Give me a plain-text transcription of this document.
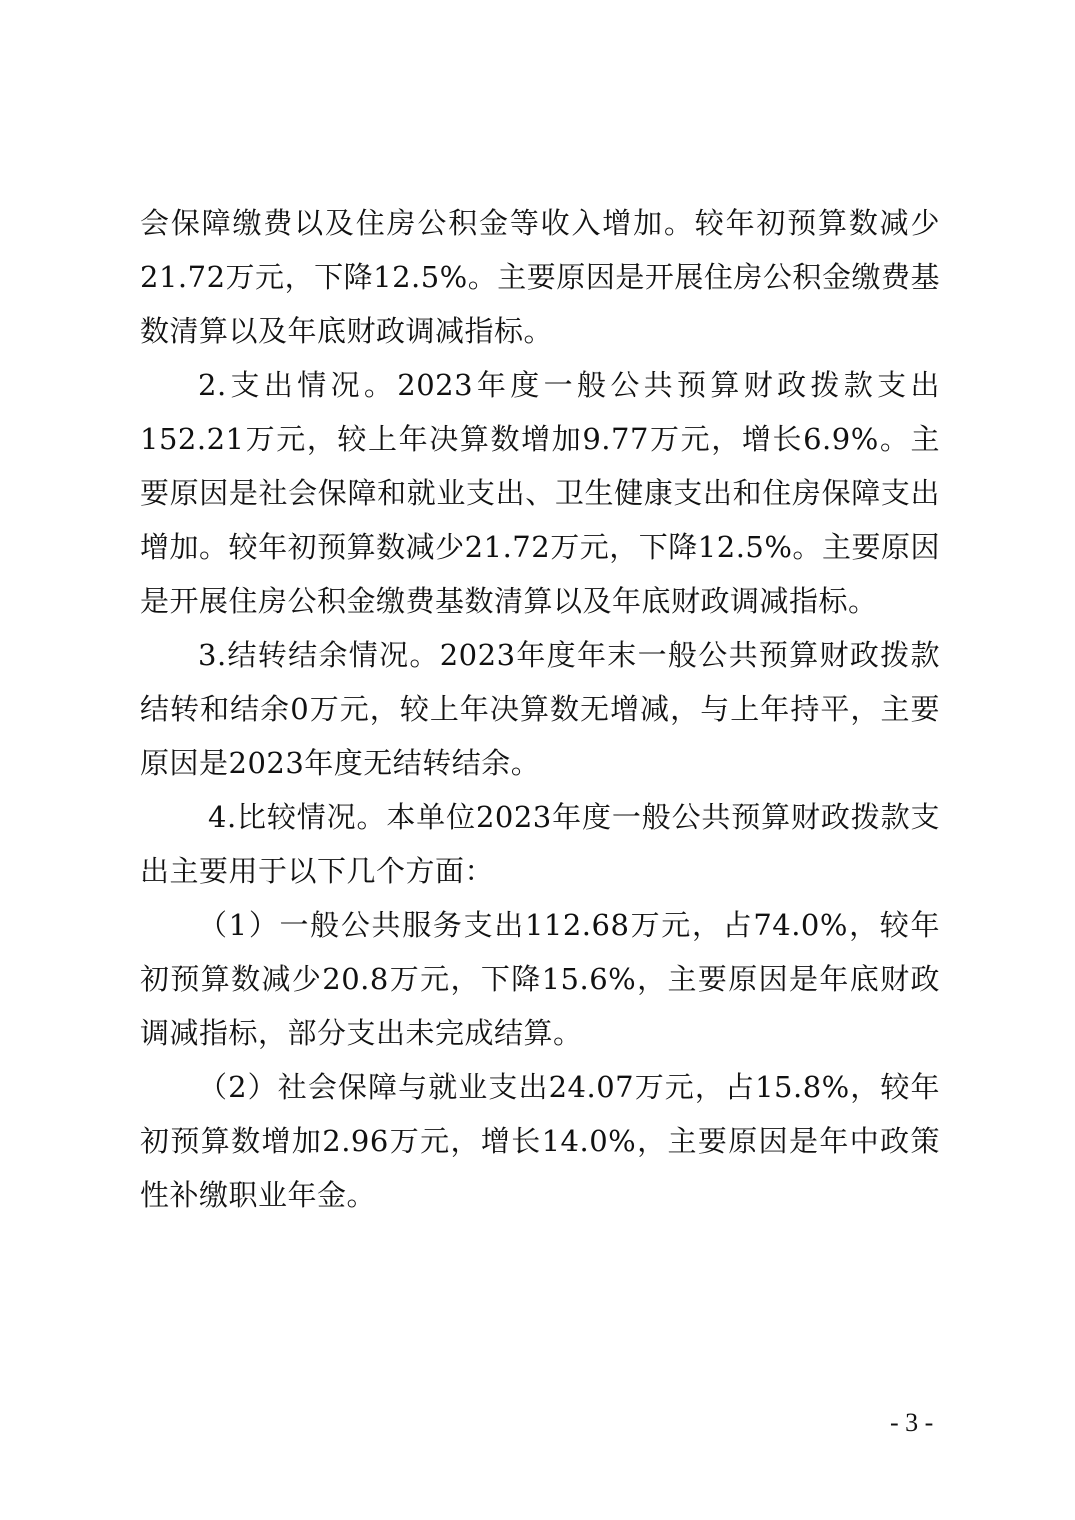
会保障缴费以及住房公积金等收入增加。较年初预算数减少21.72万元，下降12.5%。主要原因是开展住房公积金缴费基数清算以及年底财政调减指标。

2.支出情况。2023年度一般公共预算财政拨款支出152.21万元，较上年决算数增加9.77万元，增长6.9%。主要原因是社会保障和就业支出、卫生健康支出和住房保障支出增加。较年初预算数减少21.72万元，下降12.5%。主要原因是开展住房公积金缴费基数清算以及年底财政调减指标。

3.结转结余情况。2023年度年末一般公共预算财政拨款结转和结余0万元，较上年决算数无增减，与上年持平，主要原因是2023年度无结转结余。

4.比较情况。本单位2023年度一般公共预算财政拨款支出主要用于以下几个方面：

（1）一般公共服务支出112.68万元，占74.0%，较年初预算数减少20.8万元，下降15.6%，主要原因是年底财政调减指标，部分支出未完成结算。

（2）社会保障与就业支出24.07万元，占15.8%，较年初预算数增加2.96万元，增长14.0%，主要原因是年中政策性补缴职业年金。

- 3 -
